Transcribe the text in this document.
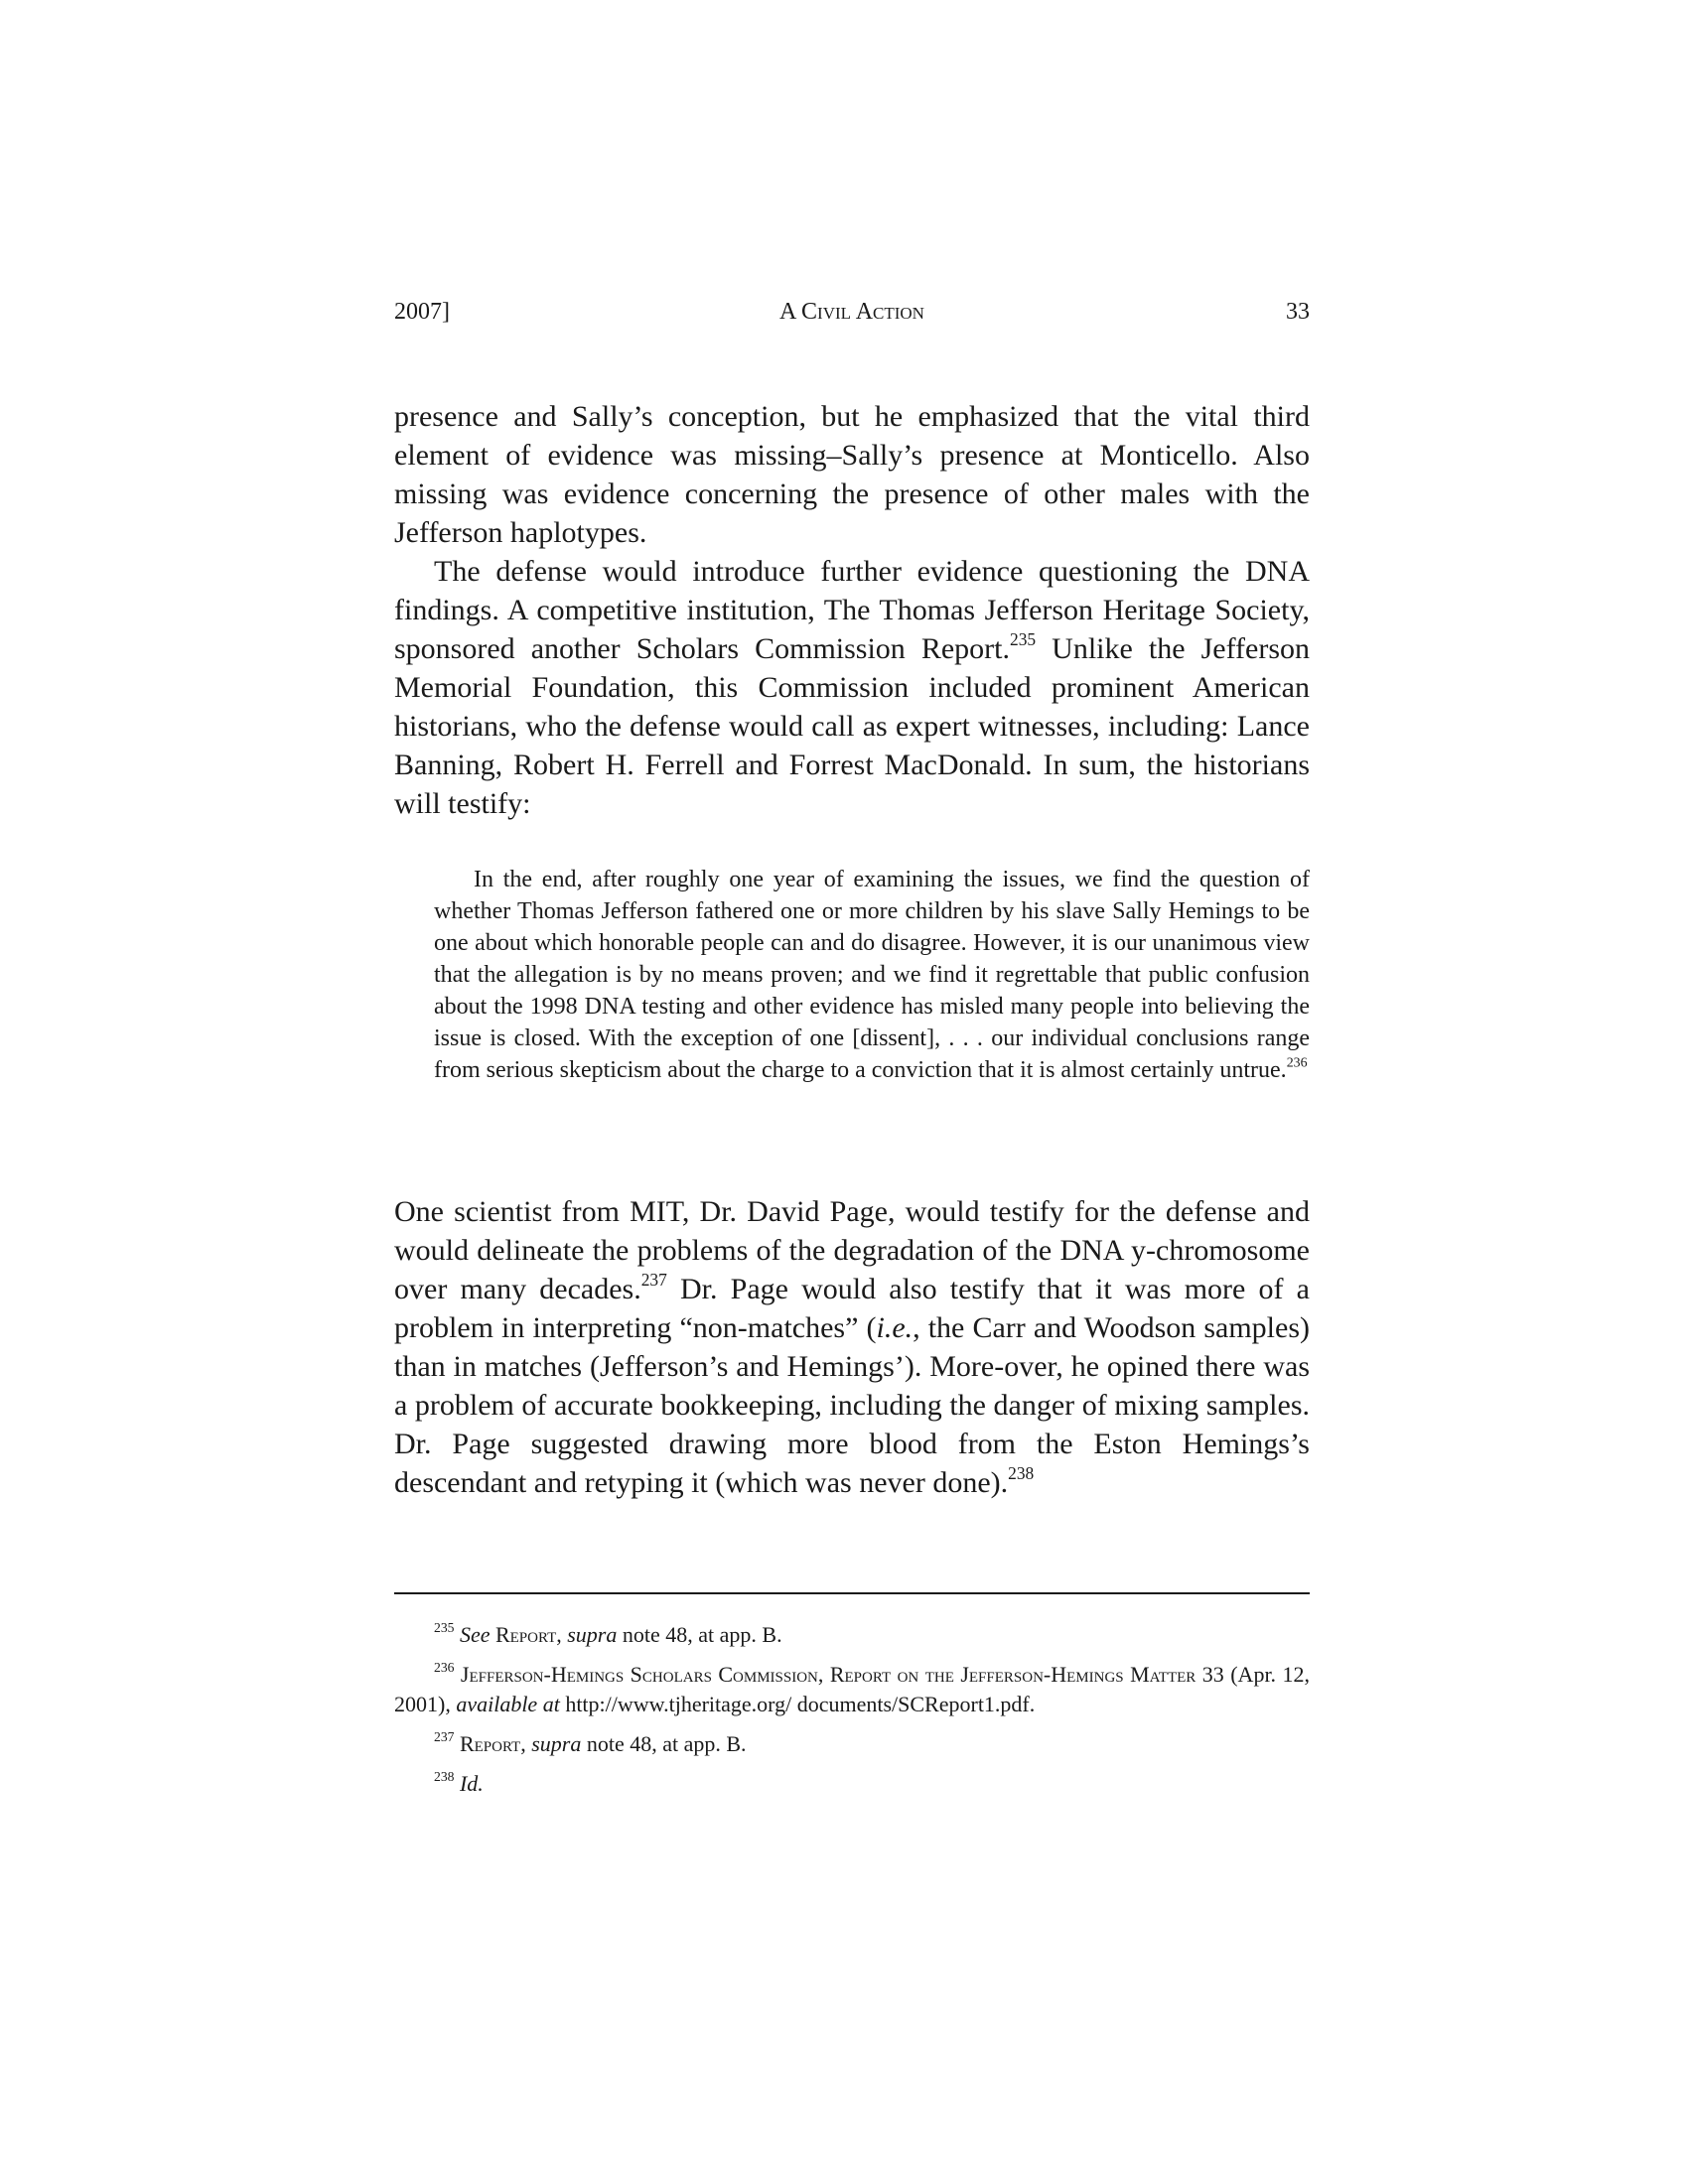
2007]	A Civil Action	33

presence and Sally’s conception, but he emphasized that the vital third element of evidence was missing–Sally’s presence at Monticello. Also missing was evidence concerning the presence of other males with the Jefferson haplotypes.

The defense would introduce further evidence questioning the DNA findings. A competitive institution, The Thomas Jefferson Heritage Society, sponsored another Scholars Commission Report.$^{235}$ Unlike the Jefferson Memorial Foundation, this Commission included prominent American historians, who the defense would call as expert witnesses, including: Lance Banning, Robert H. Ferrell and Forrest MacDonald. In sum, the historians will testify:

In the end, after roughly one year of examining the issues, we find the question of whether Thomas Jefferson fathered one or more children by his slave Sally Hemings to be one about which honorable people can and do disagree. However, it is our unanimous view that the allegation is by no means proven; and we find it regrettable that public confusion about the 1998 DNA testing and other evidence has misled many people into believing the issue is closed. With the exception of one [dissent], . . . our individual conclusions range from serious skepticism about the charge to a conviction that it is almost certainly untrue.$^{236}$

One scientist from MIT, Dr. David Page, would testify for the defense and would delineate the problems of the degradation of the DNA y-chromosome over many decades.$^{237}$ Dr. Page would also testify that it was more of a problem in interpreting “non-matches” (i.e., the Carr and Woodson samples) than in matches (Jefferson’s and Hemings’). More-over, he opined there was a problem of accurate bookkeeping, including the danger of mixing samples. Dr. Page suggested drawing more blood from the Eston Hemings’s descendant and retyping it (which was never done).$^{238}$

$^{235}$ See Report, supra note 48, at app. B.

$^{236}$ Jefferson-Hemings Scholars Commission, Report on the Jefferson-Hemings Matter 33 (Apr. 12, 2001), available at http://www.tjheritage.org/ documents/SCReport1.pdf.

$^{237}$ Report, supra note 48, at app. B.

$^{238}$ Id.
